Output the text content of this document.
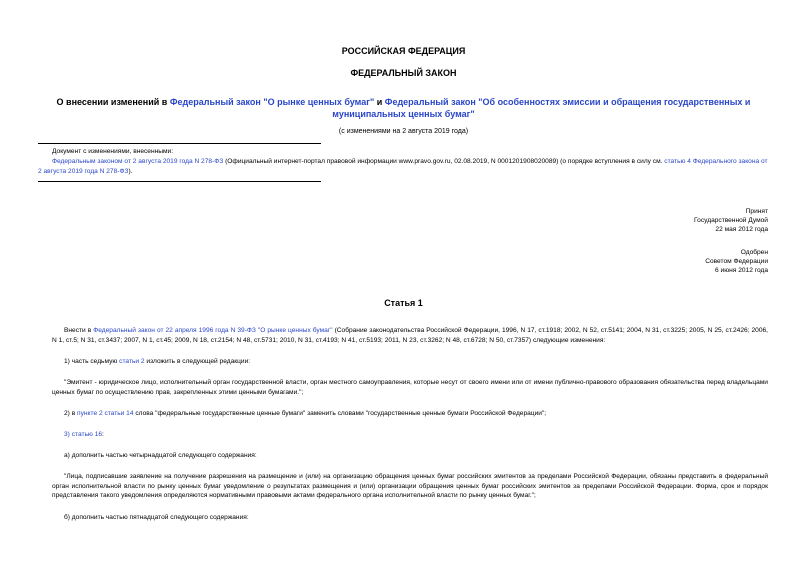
РОССИЙСКАЯ ФЕДЕРАЦИЯ
ФЕДЕРАЛЬНЫЙ ЗАКОН
О внесении изменений в Федеральный закон "О рынке ценных бумаг" и Федеральный закон "Об особенностях эмиссии и обращения государственных и муниципальных ценных бумаг"
(с изменениями на 2 августа 2019 года)
Документ с изменениями, внесенными:
Федеральным законом от 2 августа 2019 года N 278-ФЗ (Официальный интернет-портал правовой информации www.pravo.gov.ru, 02.08.2019, N 0001201908020089) (о порядке вступления в силу см. статью 4 Федерального закона от 2 августа 2019 года N 278-ФЗ).
Принят
Государственной Думой
22 мая 2012 года
Одобрен
Советом Федерации
6 июня 2012 года
Статья 1
Внести в Федеральный закон от 22 апреля 1996 года N 39-ФЗ "О рынке ценных бумаг" (Собрание законодательства Российской Федерации, 1996, N 17, ст.1918; 2002, N 52, ст.5141; 2004, N 31, ст.3225; 2005, N 25, ст.2426; 2006, N 1, ст.5; N 31, ст.3437; 2007, N 1, ст.45; 2009, N 18, ст.2154; N 48, ст.5731; 2010, N 31, ст.4193; N 41, ст.5193; 2011, N 23, ст.3262; N 48, ст.6728; N 50, ст.7357) следующие изменения:
1) часть седьмую статьи 2 изложить в следующей редакции:
"Эмитент - юридическое лицо, исполнительный орган государственной власти, орган местного самоуправления, которые несут от своего имени или от имени публично-правового образования обязательства перед владельцами ценных бумаг по осуществлению прав, закрепленных этими ценными бумагами.";
2) в пункте 2 статьи 14 слова "федеральные государственные ценные бумаги" заменить словами "государственные ценные бумаги Российской Федерации";
3) статью 16:
а) дополнить частью четырнадцатой следующего содержания:
"Лица, подписавшие заявление на получение разрешения на размещение и (или) на организацию обращения ценных бумаг российских эмитентов за пределами Российской Федерации, обязаны представить в федеральный орган исполнительной власти по рынку ценных бумаг уведомление о результатах размещения и (или) организации обращения ценных бумаг российских эмитентов за пределами Российской Федерации. Форма, срок и порядок представления такого уведомления определяются нормативными правовыми актами федерального органа исполнительной власти по рынку ценных бумаг.";
б) дополнить частью пятнадцатой следующего содержания:
